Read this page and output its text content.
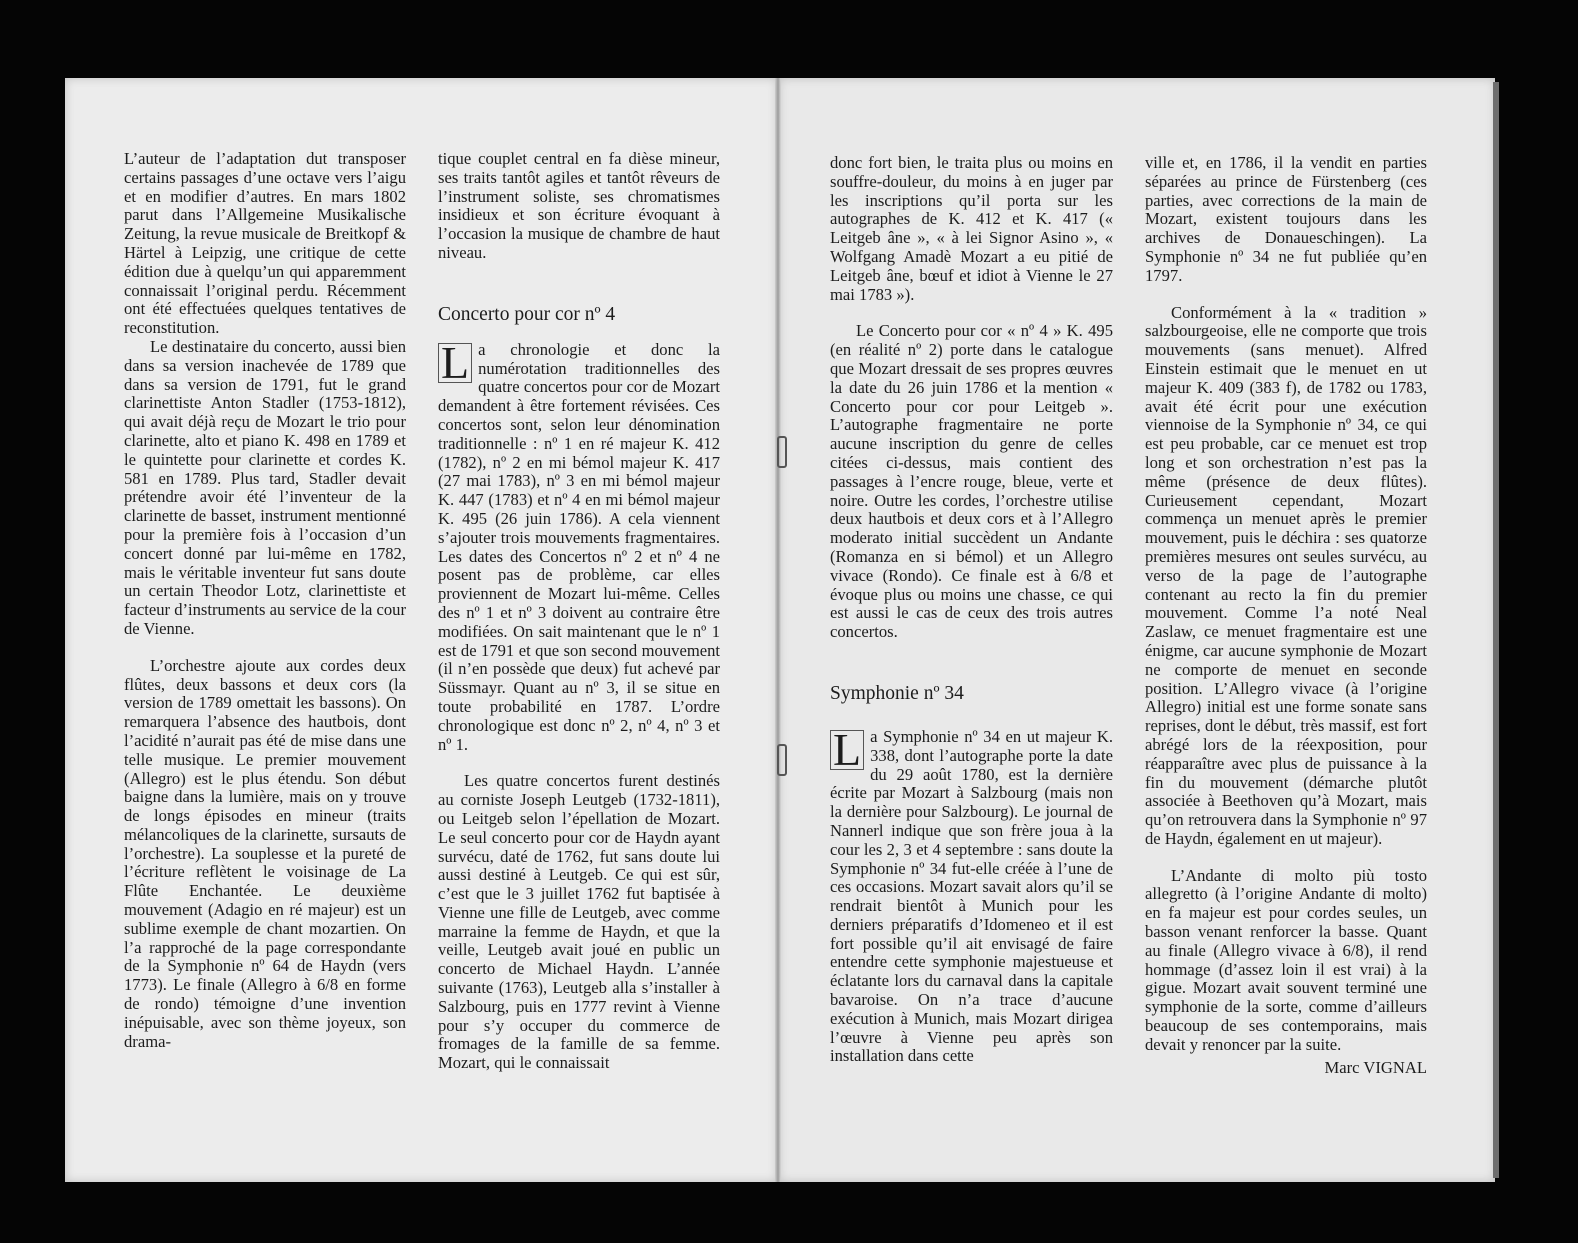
L’auteur de l’adaptation dut transposer certains passages d’une octave vers l’aigu et en modifier d’autres. En mars 1802 parut dans l’Allgemeine Musikalische Zeitung, la revue musicale de Breitkopf & Härtel à Leipzig, une critique de cette édition due à quelqu’un qui apparemment connaissait l’original perdu. Récemment ont été effectuées quelques tentatives de reconstitution.

Le destinataire du concerto, aussi bien dans sa version inachevée de 1789 que dans sa version de 1791, fut le grand clarinettiste Anton Stadler (1753-1812), qui avait déjà reçu de Mozart le trio pour clarinette, alto et piano K. 498 en 1789 et le quintette pour clarinette et cordes K. 581 en 1789. Plus tard, Stadler devait prétendre avoir été l’inventeur de la clarinette de basset, instrument mentionné pour la première fois à l’occasion d’un concert donné par lui-même en 1782, mais le véritable inventeur fut sans doute un certain Theodor Lotz, clarinettiste et facteur d’instruments au service de la cour de Vienne.

L’orchestre ajoute aux cordes deux flûtes, deux bassons et deux cors (la version de 1789 omettait les bassons). On remarquera l’absence des hautbois, dont l’acidité n’aurait pas été de mise dans une telle musique. Le premier mouvement (Allegro) est le plus étendu. Son début baigne dans la lumière, mais on y trouve de longs épisodes en mineur (traits mélancoliques de la clarinette, sursauts de l’orchestre). La souplesse et la pureté de l’écriture reflètent le voisinage de La Flûte Enchantée. Le deuxième mouvement (Adagio en ré majeur) est un sublime exemple de chant mozartien. On l’a rapproché de la page correspondante de la Symphonie nº 64 de Haydn (vers 1773). Le finale (Allegro à 6/8 en forme de rondo) témoigne d’une invention inépuisable, avec son thème joyeux, son drama-

tique couplet central en fa dièse mineur, ses traits tantôt agiles et tantôt rêveurs de l’instrument soliste, ses chromatismes insidieux et son écriture évoquant à l’occasion la musique de chambre de haut niveau.

Concerto pour cor nº 4

L a chronologie et donc la numérotation traditionnelles des quatre concertos pour cor de Mozart demandent à être fortement révisées. Ces concertos sont, selon leur dénomination traditionnelle : nº 1 en ré majeur K. 412 (1782), nº 2 en mi bémol majeur K. 417 (27 mai 1783), nº 3 en mi bémol majeur K. 447 (1783) et nº 4 en mi bémol majeur K. 495 (26 juin 1786). A cela viennent s’ajouter trois mouvements fragmentaires. Les dates des Concertos nº 2 et nº 4 ne posent pas de problème, car elles proviennent de Mozart lui-même. Celles des nº 1 et nº 3 doivent au contraire être modifiées. On sait maintenant que le nº 1 est de 1791 et que son second mouvement (il n’en possède que deux) fut achevé par Süssmayr. Quant au nº 3, il se situe en toute probabilité en 1787. L’ordre chronologique est donc nº 2, nº 4, nº 3 et nº 1.

Les quatre concertos furent destinés au corniste Joseph Leutgeb (1732-1811), ou Leitgeb selon l’épellation de Mozart. Le seul concerto pour cor de Haydn ayant survécu, daté de 1762, fut sans doute lui aussi destiné à Leutgeb. Ce qui est sûr, c’est que le 3 juillet 1762 fut baptisée à Vienne une fille de Leutgeb, avec comme marraine la femme de Haydn, et que la veille, Leutgeb avait joué en public un concerto de Michael Haydn. L’année suivante (1763), Leutgeb alla s’installer à Salzbourg, puis en 1777 revint à Vienne pour s’y occuper du commerce de fromages de la famille de sa femme. Mozart, qui le connaissait

donc fort bien, le traita plus ou moins en souffre-douleur, du moins à en juger par les inscriptions qu’il porta sur les autographes de K. 412 et K. 417 (« Leitgeb âne », « à lei Signor Asino », « Wolfgang Amadè Mozart a eu pitié de Leitgeb âne, bœuf et idiot à Vienne le 27 mai 1783 »).

Le Concerto pour cor « nº 4 » K. 495 (en réalité nº 2) porte dans le catalogue que Mozart dressait de ses propres œuvres la date du 26 juin 1786 et la mention « Concerto pour cor pour Leitgeb ». L’autographe fragmentaire ne porte aucune inscription du genre de celles citées ci-dessus, mais contient des passages à l’encre rouge, bleue, verte et noire. Outre les cordes, l’orchestre utilise deux hautbois et deux cors et à l’Allegro moderato initial succèdent un Andante (Romanza en si bémol) et un Allegro vivace (Rondo). Ce finale est à 6/8 et évoque plus ou moins une chasse, ce qui est aussi le cas de ceux des trois autres concertos.

Symphonie nº 34

L a Symphonie nº 34 en ut majeur K. 338, dont l’autographe porte la date du 29 août 1780, est la dernière écrite par Mozart à Salzbourg (mais non la dernière pour Salzbourg). Le journal de Nannerl indique que son frère joua à la cour les 2, 3 et 4 septembre : sans doute la Symphonie nº 34 fut-elle créée à l’une de ces occasions. Mozart savait alors qu’il se rendrait bientôt à Munich pour les derniers préparatifs d’Idomeneo et il est fort possible qu’il ait envisagé de faire entendre cette symphonie majestueuse et éclatante lors du carnaval dans la capitale bavaroise. On n’a trace d’aucune exécution à Munich, mais Mozart dirigea l’œuvre à Vienne peu après son installation dans cette

ville et, en 1786, il la vendit en parties séparées au prince de Fürstenberg (ces parties, avec corrections de la main de Mozart, existent toujours dans les archives de Donaueschingen). La Symphonie nº 34 ne fut publiée qu’en 1797.

Conformément à la « tradition » salzbourgeoise, elle ne comporte que trois mouvements (sans menuet). Alfred Einstein estimait que le menuet en ut majeur K. 409 (383 f), de 1782 ou 1783, avait été écrit pour une exécution viennoise de la Symphonie nº 34, ce qui est peu probable, car ce menuet est trop long et son orchestration n’est pas la même (présence de deux flûtes). Curieusement cependant, Mozart commença un menuet après le premier mouvement, puis le déchira : ses quatorze premières mesures ont seules survécu, au verso de la page de l’autographe contenant au recto la fin du premier mouvement. Comme l’a noté Neal Zaslaw, ce menuet fragmentaire est une énigme, car aucune symphonie de Mozart ne comporte de menuet en seconde position. L’Allegro vivace (à l’origine Allegro) initial est une forme sonate sans reprises, dont le début, très massif, est fort abrégé lors de la réexposition, pour réapparaître avec plus de puissance à la fin du mouvement (démarche plutôt associée à Beethoven qu’à Mozart, mais qu’on retrouvera dans la Symphonie nº 97 de Haydn, également en ut majeur).

L’Andante di molto più tosto allegretto (à l’origine Andante di molto) en fa majeur est pour cordes seules, un basson venant renforcer la basse. Quant au finale (Allegro vivace à 6/8), il rend hommage (d’assez loin il est vrai) à la gigue. Mozart avait souvent terminé une symphonie de la sorte, comme d’ailleurs beaucoup de ses contemporains, mais devait y renoncer par la suite.

Marc VIGNAL
